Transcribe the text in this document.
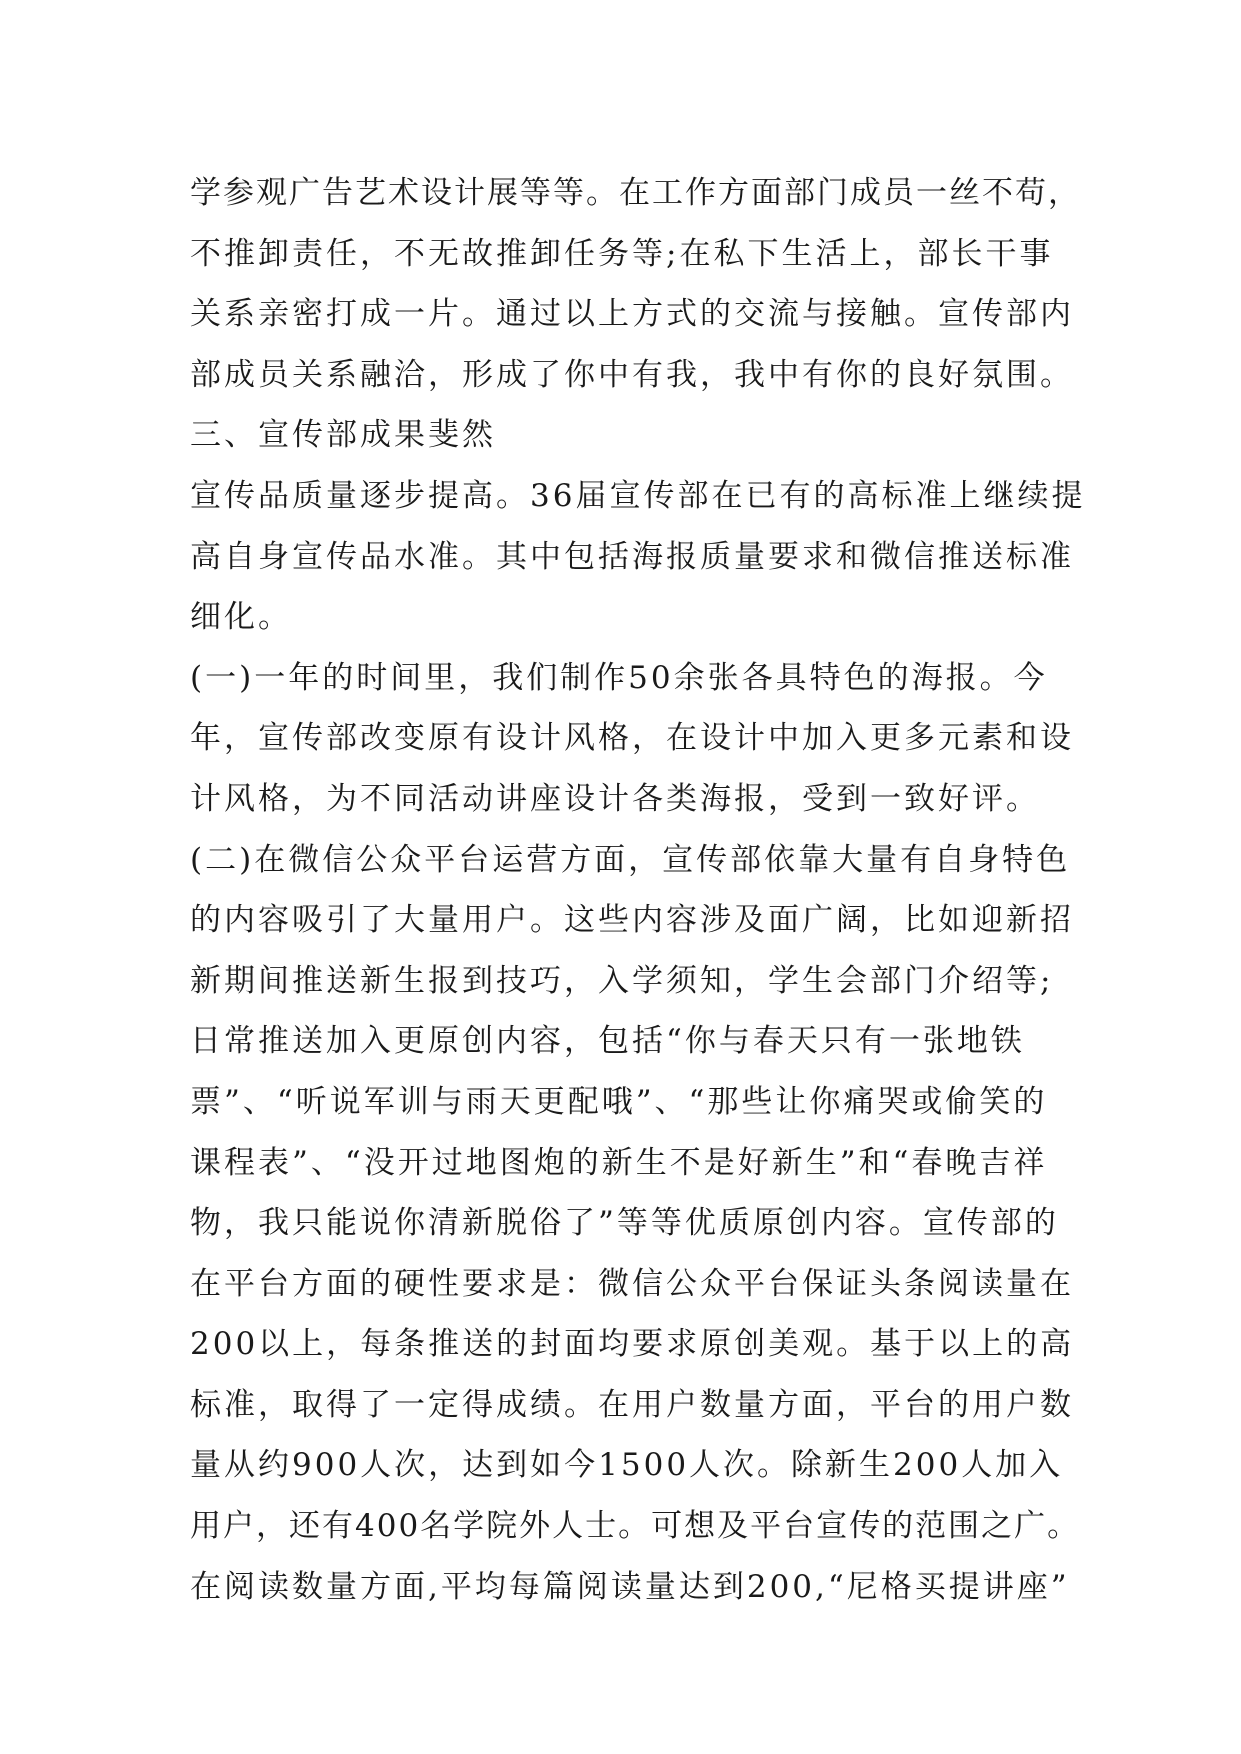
学参观广告艺术设计展等等。在工作方面部门成员一丝不苟，
不推卸责任，不无故推卸任务等;在私下生活上，部长干事
关系亲密打成一片。通过以上方式的交流与接触。宣传部内
部成员关系融洽，形成了你中有我，我中有你的良好氛围。
三、宣传部成果斐然
宣传品质量逐步提高。36届宣传部在已有的高标准上继续提
高自身宣传品水准。其中包括海报质量要求和微信推送标准
细化。
(一)一年的时间里，我们制作50余张各具特色的海报。今
年，宣传部改变原有设计风格，在设计中加入更多元素和设
计风格，为不同活动讲座设计各类海报，受到一致好评。
(二)在微信公众平台运营方面，宣传部依靠大量有自身特色
的内容吸引了大量用户。这些内容涉及面广阔，比如迎新招
新期间推送新生报到技巧，入学须知，学生会部门介绍等;
日常推送加入更原创内容，包括“你与春天只有一张地铁
票”、“听说军训与雨天更配哦”、“那些让你痛哭或偷笑的
课程表”、“没开过地图炮的新生不是好新生”和“春晚吉祥
物，我只能说你清新脱俗了”等等优质原创内容。宣传部的
在平台方面的硬性要求是：微信公众平台保证头条阅读量在
200以上，每条推送的封面均要求原创美观。基于以上的高
标准，取得了一定得成绩。在用户数量方面，平台的用户数
量从约900人次，达到如今1500人次。除新生200人加入
用户，还有400名学院外人士。可想及平台宣传的范围之广。
在阅读数量方面,平均每篇阅读量达到200,“尼格买提讲座”
